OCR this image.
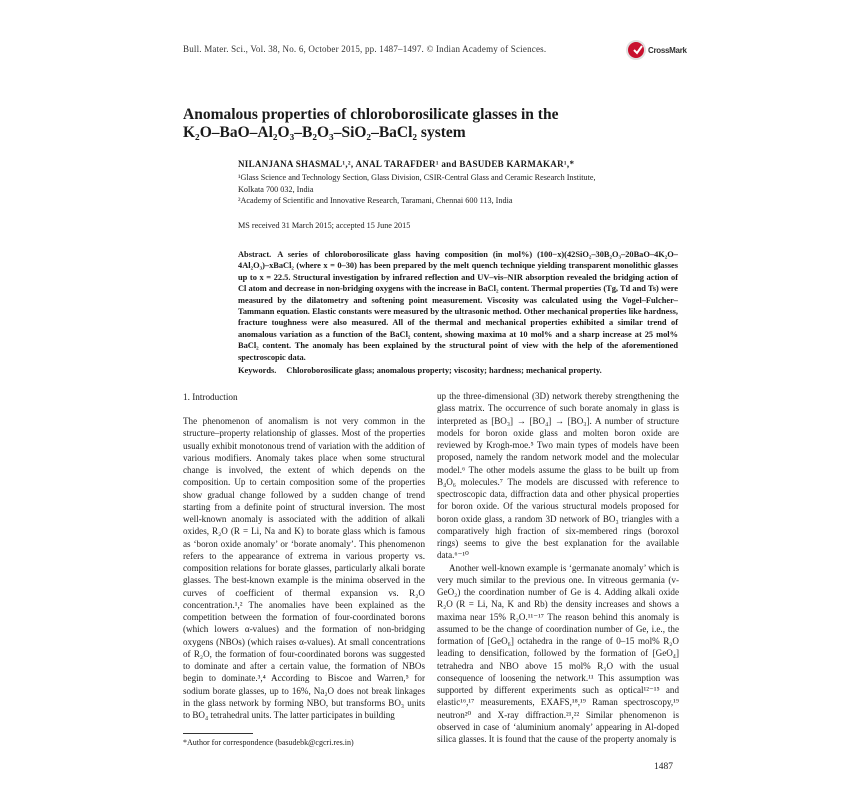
Bull. Mater. Sci., Vol. 38, No. 6, October 2015, pp. 1487–1497. © Indian Academy of Sciences.	CrossMark
Anomalous properties of chloroborosilicate glasses in the
K₂O–BaO–Al₂O₃–B₂O₃–SiO₂–BaCl₂ system
NILANJANA SHASMAL¹,², ANAL TARAFDER¹ and BASUDEB KARMAKAR¹,*
¹Glass Science and Technology Section, Glass Division, CSIR-Central Glass and Ceramic Research Institute,
Kolkata 700 032, India
²Academy of Scientific and Innovative Research, Taramani, Chennai 600 113, India
MS received 31 March 2015; accepted 15 June 2015
Abstract. A series of chloroborosilicate glass having composition (in mol%) (100−x)(42SiO₂–30B₂O₃–20BaO–4K₂O–4Al₂O₃)–xBaCl₂ (where x = 0–30) has been prepared by the melt quench technique yielding transparent monolithic glasses up to x = 22.5. Structural investigation by infrared reflection and UV–vis–NIR absorption revealed the bridging action of Cl atom and decrease in non-bridging oxygens with the increase in BaCl₂ content. Thermal properties (Tg, Td and Ts) were measured by the dilatometry and softening point measurement. Viscosity was calculated using the Vogel–Fulcher–Tammann equation. Elastic constants were measured by the ultrasonic method. Other mechanical properties like hardness, fracture toughness were also measured. All of the thermal and mechanical properties exhibited a similar trend of anomalous variation as a function of the BaCl₂ content, showing maxima at 10 mol% and a sharp increase at 25 mol% BaCl₂ content. The anomaly has been explained by the structural point of view with the help of the aforementioned spectroscopic data.
Keywords. Chloroborosilicate glass; anomalous property; viscosity; hardness; mechanical property.
1. Introduction

The phenomenon of anomalism is not very common in the structure–property relationship of glasses. Most of the properties usually exhibit monotonous trend of variation with the addition of various modifiers. Anomaly takes place when some structural change is involved, the extent of which depends on the composition. Up to certain composition some of the properties show gradual change followed by a sudden change of trend starting from a definite point of structural inversion. The most well-known anomaly is associated with the addition of alkali oxides, R₂O (R = Li, Na and K) to borate glass which is famous as ‘boron oxide anomaly’ or ‘borate anomaly’. This phenomenon refers to the appearance of extrema in various property vs. composition relations for borate glasses, particularly alkali borate glasses. The best-known example is the minima observed in the curves of coefficient of thermal expansion vs. R₂O concentration.¹,² The anomalies have been explained as the competition between the formation of four-coordinated borons (which lowers α-values) and the formation of non-bridging oxygens (NBOs) (which raises α-values). At small concentrations of R₂O, the formation of four-coordinated borons was suggested to dominate and after a certain value, the formation of NBOs begin to dominate.³,⁴ According to Biscoe and Warren,⁵ for sodium borate glasses, up to 16%, Na₂O does not break linkages in the glass network by forming NBO, but transforms BO₃ units to BO₄ tetrahedral units. The latter participates in building

up the three-dimensional (3D) network thereby strengthening the glass matrix. The occurrence of such borate anomaly in glass is interpreted as [BO₃] → [BO₄] → [BO₃]. A number of structure models for boron oxide glass and molten boron oxide are reviewed by Krogh-moe.⁵ Two main types of models have been proposed, namely the random network model and the molecular model.⁶ The other models assume the glass to be built up from B₄O₆ molecules.⁷ The models are discussed with reference to spectroscopic data, diffraction data and other physical properties for boron oxide. Of the various structural models proposed for boron oxide glass, a random 3D network of BO₃ triangles with a comparatively high fraction of six-membered rings (boroxol rings) seems to give the best explanation for the available data.⁶⁻¹⁰

Another well-known example is ‘germanate anomaly’ which is very much similar to the previous one. In vitreous germania (v-GeO₂) the coordination number of Ge is 4. Adding alkali oxide R₂O (R = Li, Na, K and Rb) the density increases and shows a maxima near 15% R₂O.¹¹⁻¹⁷ The reason behind this anomaly is assumed to be the change of coordination number of Ge, i.e., the formation of [GeO₆] octahedra in the range of 0–15 mol% R₂O leading to densification, followed by the formation of [GeO₄] tetrahedra and NBO above 15 mol% R₂O with the usual consequence of loosening the network.¹¹ This assumption was supported by different experiments such as optical¹²⁻¹⁵ and elastic¹⁶,¹⁷ measurements, EXAFS,¹⁸,¹⁹ Raman spectroscopy,¹⁹ neutron²⁰ and X-ray diffraction.²¹,²² Similar phenomenon is observed in case of ‘aluminium anomaly’ appearing in Al-doped silica glasses. It is found that the cause of the property anomaly is

*Author for correspondence (basudebk@cgcri.res.in)
1487
